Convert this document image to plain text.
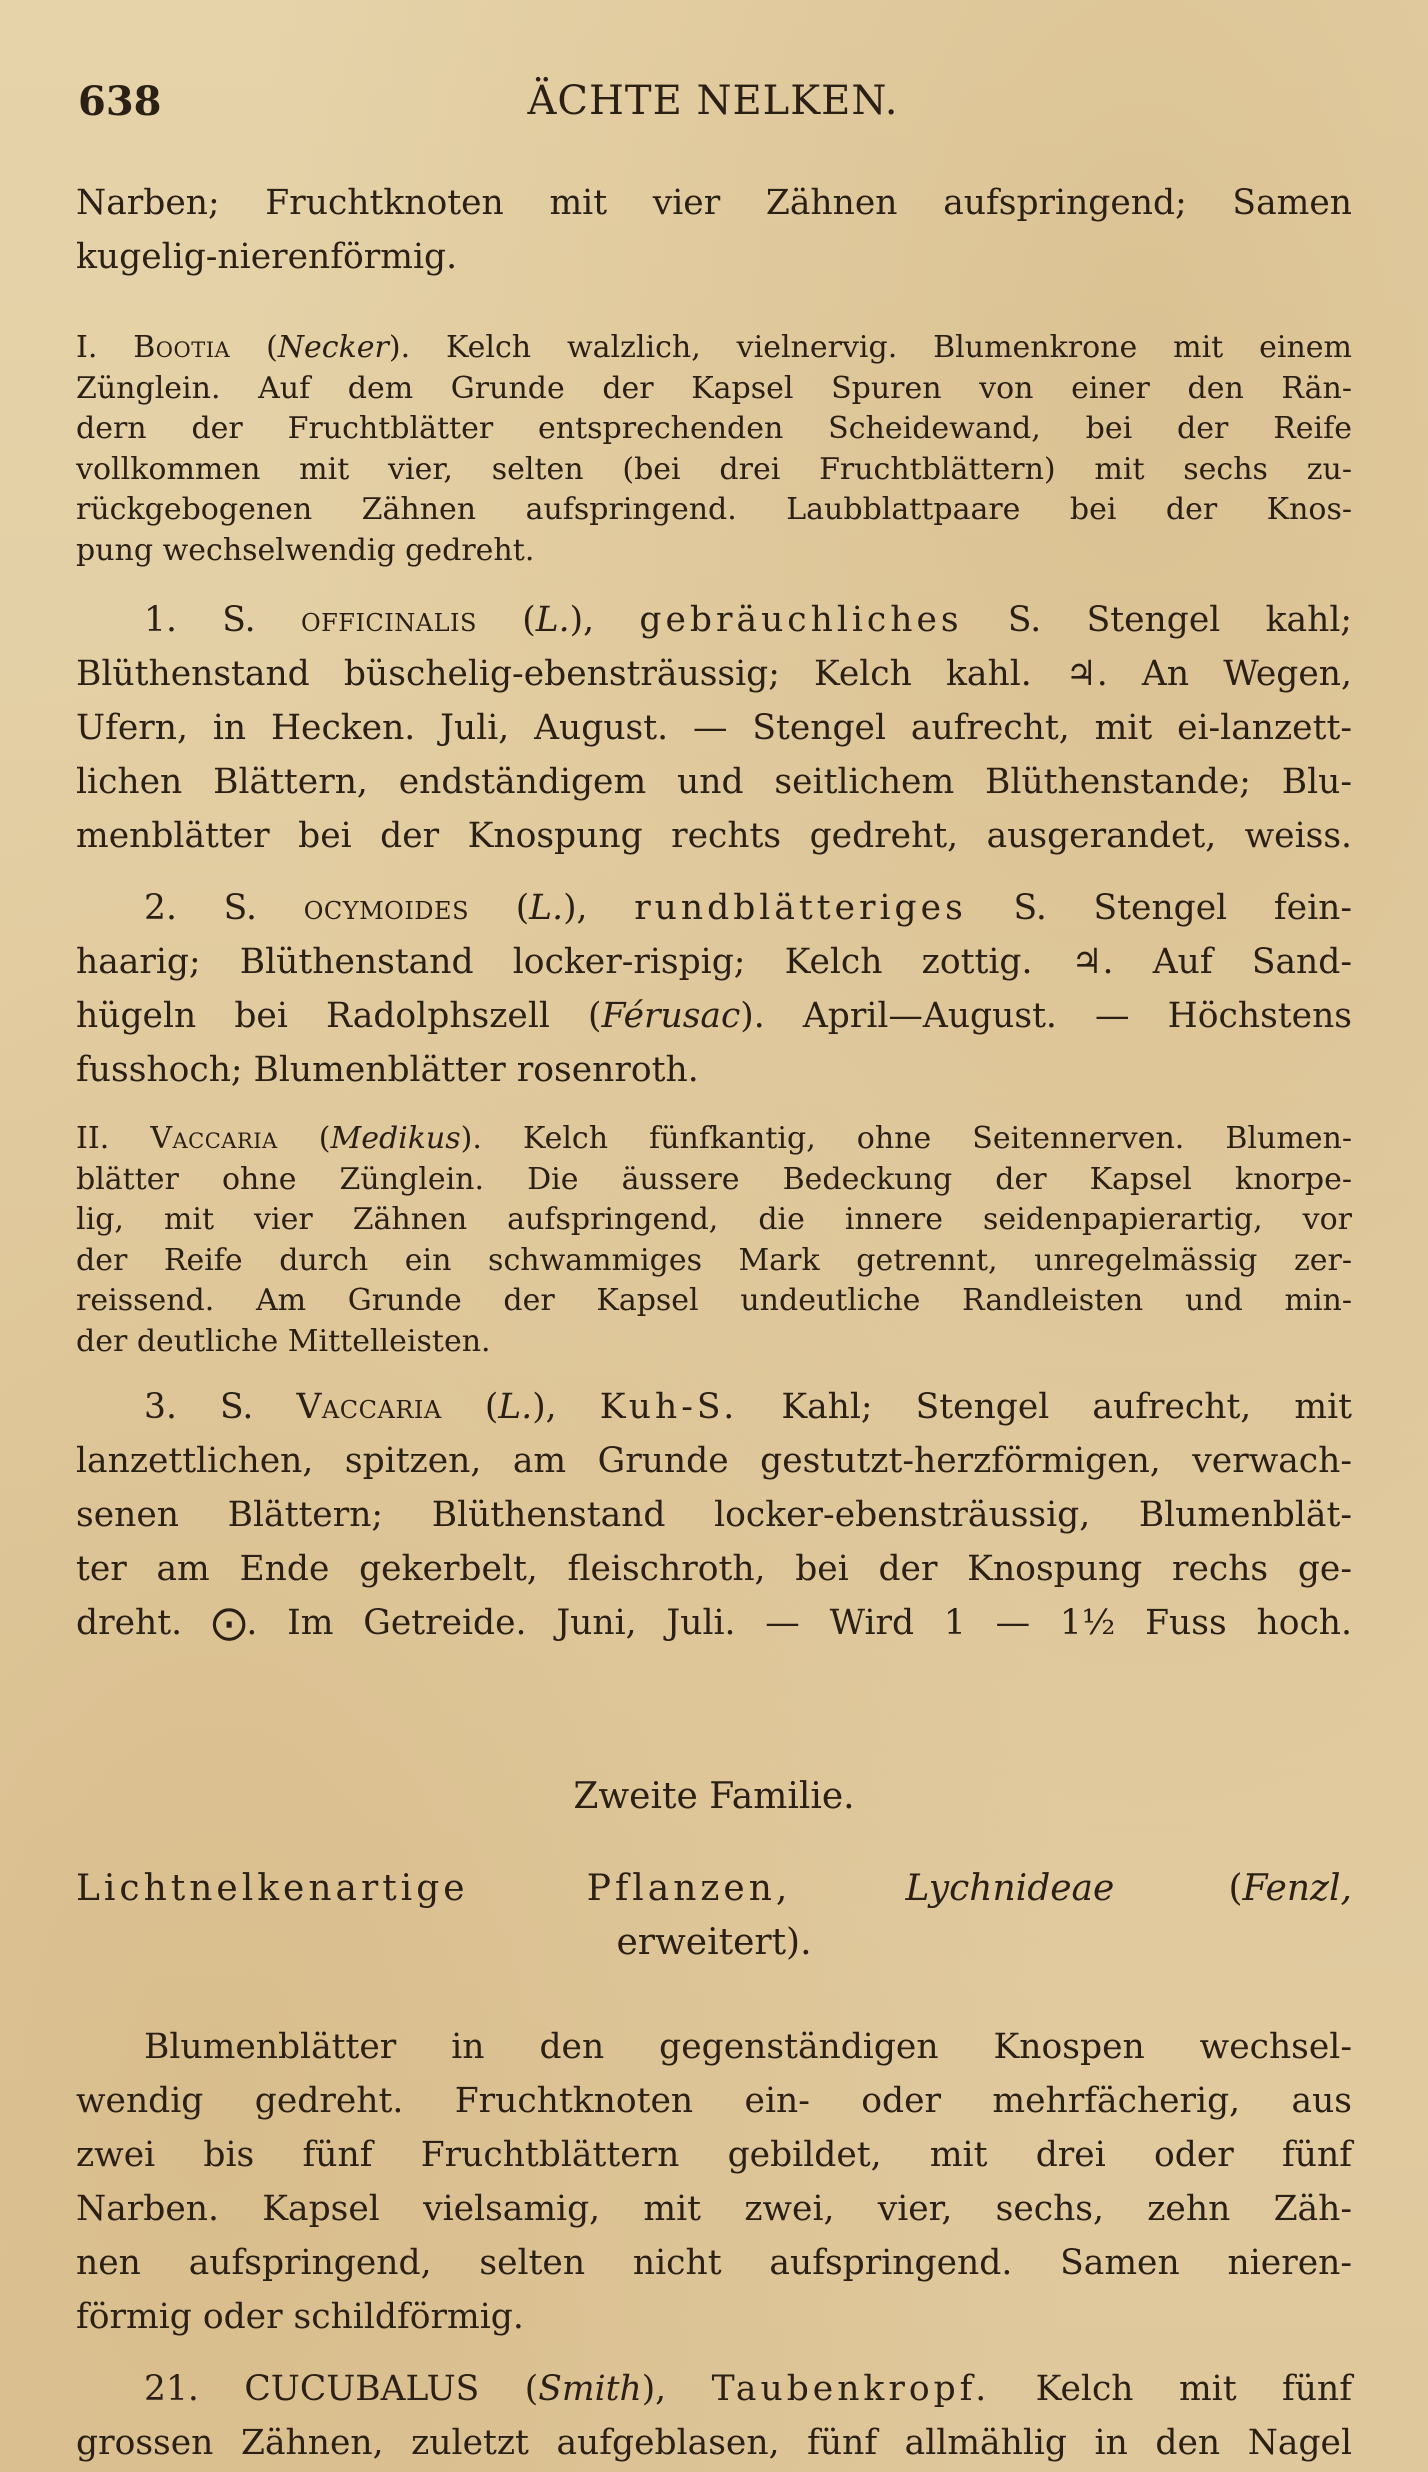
638	ÄCHTE NELKEN.

Narben; Fruchtknoten mit vier Zähnen aufspringend; Samen

kugelig-nierenförmig.

I. Bootia (Necker). Kelch walzlich, vielnervig. Blumenkrone mit einem

Zünglein. Auf dem Grunde der Kapsel Spuren von einer den Rän-

dern der Fruchtblätter entsprechenden Scheidewand, bei der Reife

vollkommen mit vier, selten (bei drei Fruchtblättern) mit sechs zu-

rückgebogenen Zähnen aufspringend. Laubblattpaare bei der Knos-

pung wechselwendig gedreht.

1. S. officinalis (L.), gebräuchliches S. Stengel kahl;

Blüthenstand büschelig-ebensträussig; Kelch kahl. ♃. An Wegen,

Ufern, in Hecken. Juli, August. — Stengel aufrecht, mit ei-lanzett-

lichen Blättern, endständigem und seitlichem Blüthenstande; Blu-

menblätter bei der Knospung rechts gedreht, ausgerandet, weiss.

2. S. ocymoides (L.), rundblätteriges S. Stengel fein-

haarig; Blüthenstand locker-rispig; Kelch zottig. ♃. Auf Sand-

hügeln bei Radolphszell (Férusac). April—August. — Höchstens

fusshoch; Blumenblätter rosenroth.

II. Vaccaria (Medikus). Kelch fünfkantig, ohne Seitennerven. Blumen-

blätter ohne Zünglein. Die äussere Bedeckung der Kapsel knorpe-

lig, mit vier Zähnen aufspringend, die innere seidenpapierartig, vor

der Reife durch ein schwammiges Mark getrennt, unregelmässig zer-

reissend. Am Grunde der Kapsel undeutliche Randleisten und min-

der deutliche Mittelleisten.

3. S. Vaccaria (L.), Kuh-S. Kahl; Stengel aufrecht, mit

lanzettlichen, spitzen, am Grunde gestutzt-herzförmigen, verwach-

senen Blättern; Blüthenstand locker-ebensträussig, Blumenblät-

ter am Ende gekerbelt, fleischroth, bei der Knospung rechs ge-

dreht. ⨀. Im Getreide. Juni, Juli. — Wird 1 — 1½ Fuss hoch.

Zweite Familie.

Lichtnelkenartige Pflanzen,	Lychnideae	(Fenzl,

erweitert).

Blumenblätter in den gegenständigen Knospen wechsel-

wendig gedreht. Fruchtknoten ein- oder mehrfächerig, aus

zwei bis fünf Fruchtblättern gebildet, mit drei oder fünf

Narben. Kapsel vielsamig, mit zwei, vier, sechs, zehn Zäh-

nen aufspringend, selten nicht aufspringend. Samen nieren-

förmig oder schildförmig.

21. CUCUBALUS (Smith), Taubenkropf. Kelch mit fünf

grossen Zähnen, zuletzt aufgeblasen, fünf allmählig in den Nagel
